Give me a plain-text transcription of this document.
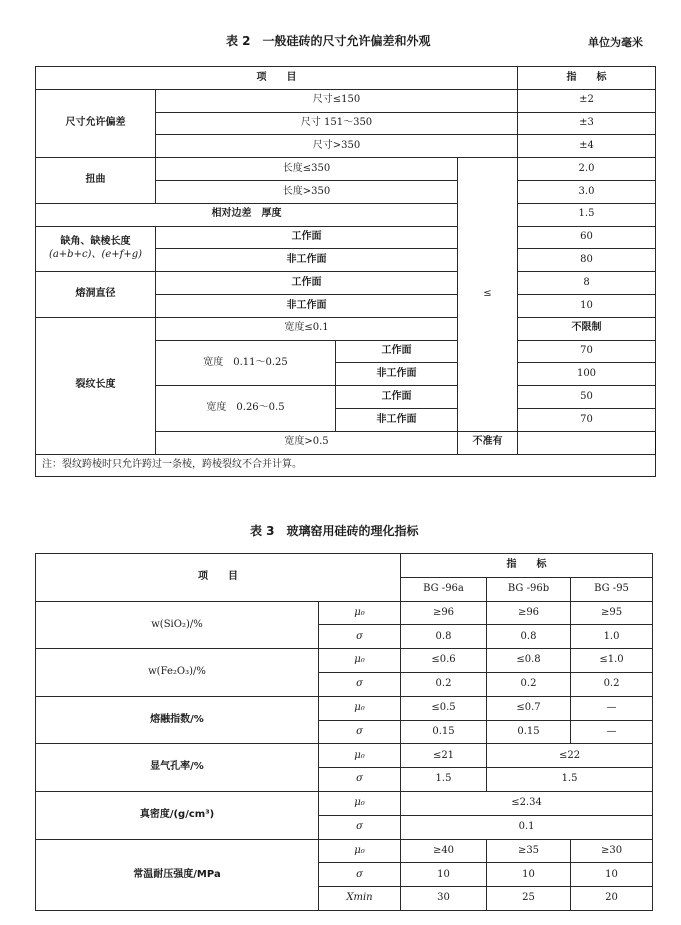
表 2　一般硅砖的尺寸允许偏差和外观	单位为毫米
项　　目				指　　标
尺寸允许偏差	尺寸≤150			±2
	尺寸 151～350			±3
	尺寸>350			±4
扭曲	长度≤350		≤	2.0
	长度>350			3.0
相对边差　厚度				1.5

缺角、缺棱长度
(a+b+c)、(e+f+g)	工作面			60
	非工作面			80
熔洞直径	工作面			8
	非工作面			10
裂纹长度	宽度≤0.1			不限制
	宽度　0.11～0.25	工作面		70
		非工作面		100
	宽度　0.26～0.5	工作面		50
		非工作面		70
	宽度>0.5		不准有	
注：裂纹跨棱时只允许跨过一条棱，跨棱裂纹不合并计算。				
表 3　玻璃窑用硅砖的理化指标
项　　目		指　　标		
		BG -96a	BG -96b	BG -95
w(SiO₂)/%	μ₀	≥96	≥96	≥95
	σ	0.8	0.8	1.0
w(Fe₂O₃)/%	μ₀	≤0.6	≤0.8	≤1.0
	σ	0.2	0.2	0.2
熔融指数/%	μ₀	≤0.5	≤0.7	—
	σ	0.15	0.15	—
显气孔率/%	μ₀	≤21	≤22	
	σ	1.5	1.5	
真密度/(g/cm³)	μ₀	≤2.34		
	σ	0.1		
常温耐压强度/MPa	μ₀	≥40	≥35	≥30
	σ	10	10	10
	Xmin	30	25	20
